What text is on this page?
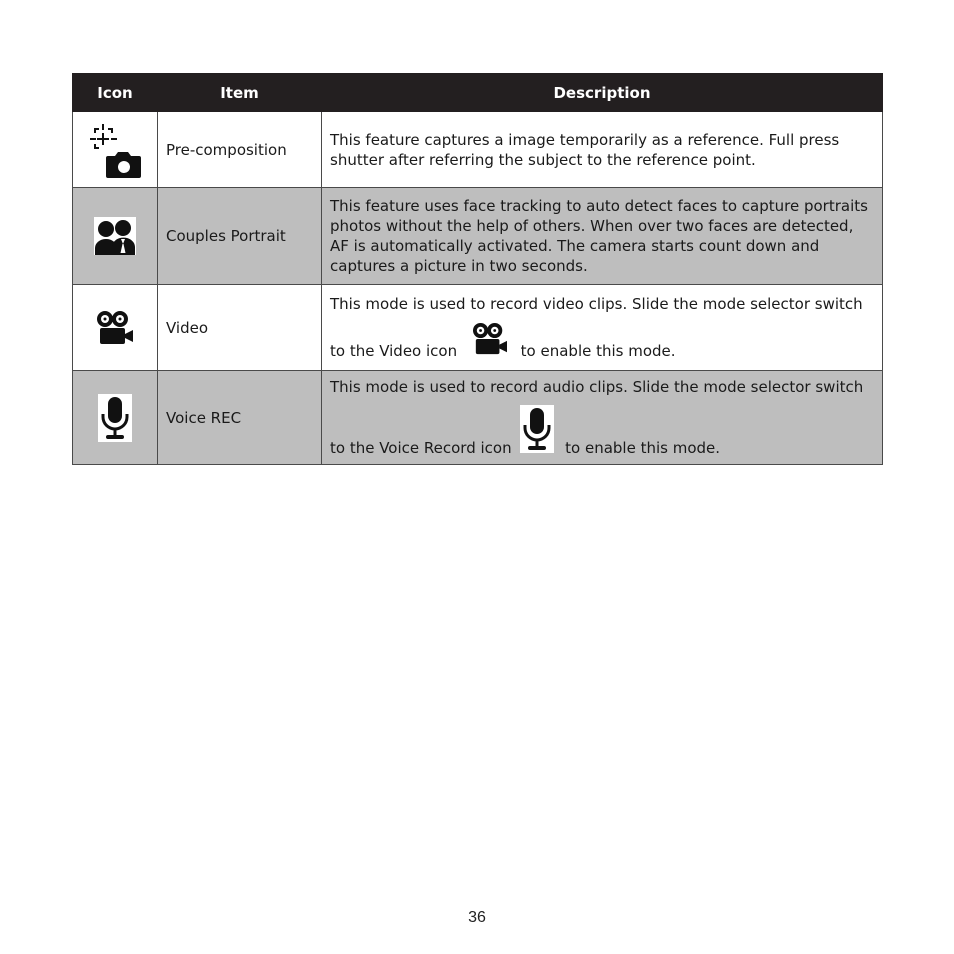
Icon	Item	Description

	Pre-composition	This feature captures a image temporarily as a reference. Full press shutter after referring the subject to the reference point.

	Couples Portrait	This feature uses face tracking to auto detect faces to capture portraits photos without the help of others. When over two faces are detected, AF is automatically activated. The camera starts count down and captures a picture in two seconds.

	Video	This mode is used to record video clips. Slide the mode selector switch
to the Video icon to enable this mode.

	Voice REC	This mode is used to record audio clips. Slide the mode selector switch
to the Voice Record icon to enable this mode.
36
